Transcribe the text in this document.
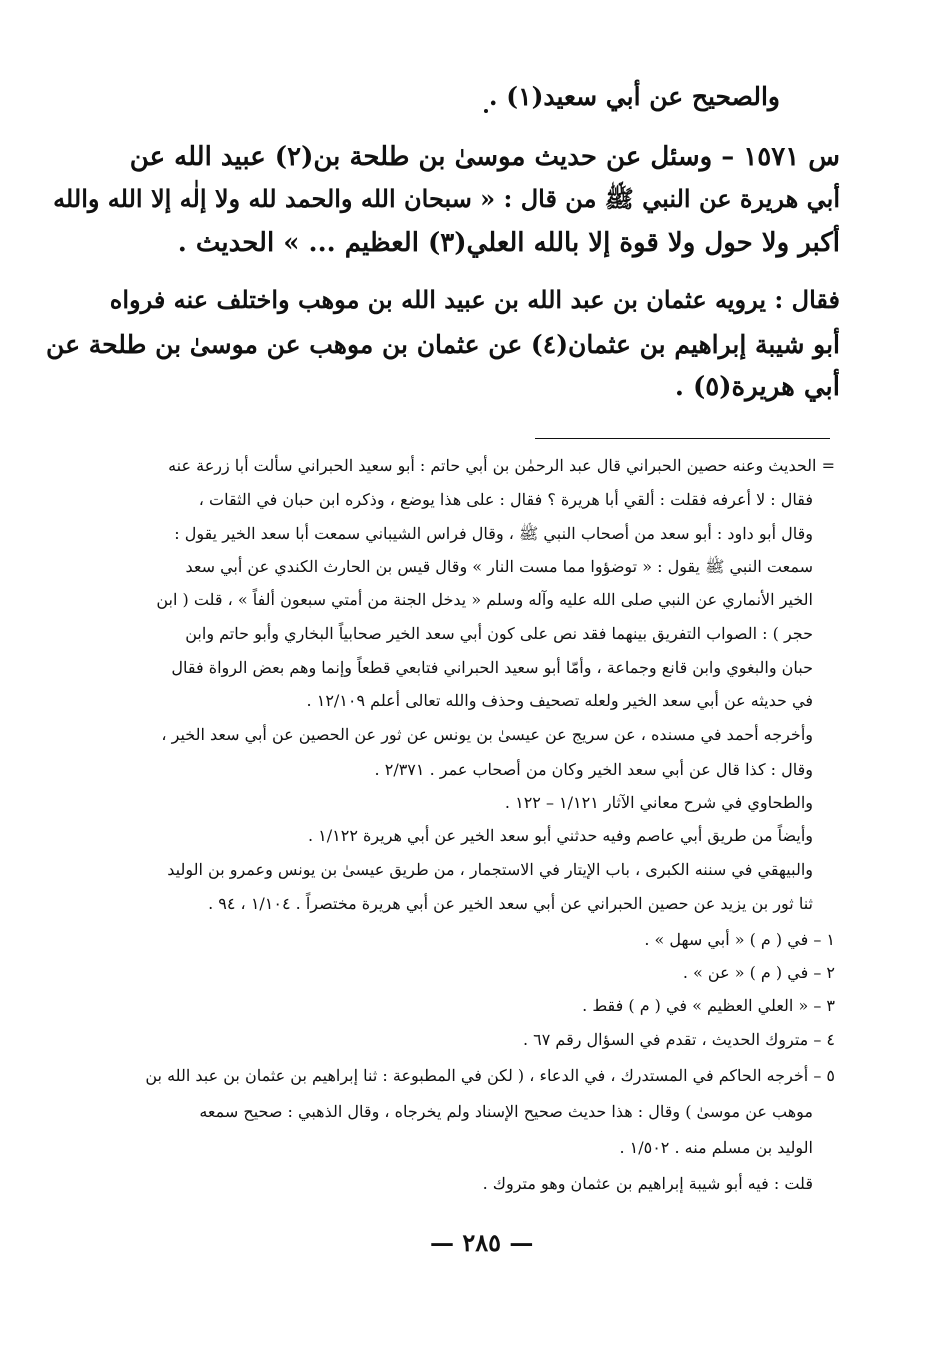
والصحيح عن أبي سعيد(١) .
س ١٥٧١ – وسئل عن حديث موسىٰ بن طلحة بن(٢) عبيد الله عن
أبي هريرة عن النبي ﷺ من قال : « سبحان الله والحمد لله ولا إلٰه إلا الله والله
أكبر ولا حول ولا قوة إلا بالله العلي(٣) العظيم ... » الحديث .
فقال : يرويه عثمان بن عبد الله بن عبيد الله بن موهب واختلف عنه فرواه
أبو شيبة إبراهيم بن عثمان(٤) عن عثمان بن موهب عن موسىٰ بن طلحة عن
أبي هريرة(٥) .
= الحديث وعنه حصين الحبراني قال عبد الرحمٰن بن أبي حاتم : أبو سعيد الحبراني سألت أبا زرعة عنه
فقال : لا أعرفه فقلت : ألقي أبا هريرة ؟ فقال : على هذا يوضع ، وذكره ابن حبان في الثقات ،
وقال أبو داود : أبو سعد من أصحاب النبي ﷺ ، وقال فراس الشيباني سمعت أبا سعد الخير يقول :
سمعت النبي ﷺ يقول : « توضؤوا مما مست النار » وقال قيس بن الحارث الكندي عن أبي سعد
الخير الأنماري عن النبي صلى الله عليه وآله وسلم « يدخل الجنة من أمتي سبعون ألفاً » ، قلت ( ابن
حجر ) : الصواب التفريق بينهما فقد نص على كون أبي سعد الخير صحابياً البخاري وأبو حاتم وابن
حبان والبغوي وابن قانع وجماعة ، وأمّا أبو سعيد الحبراني فتابعي قطعاً وإنما وهم بعض الرواة فقال
في حديثه عن أبي سعد الخير ولعله تصحيف وحذف والله تعالى أعلم ١٢/١٠٩ .
وأخرجه أحمد في مسنده ، عن سريج عن عيسىٰ بن يونس عن ثور عن الحصين عن أبي سعد الخير ،
وقال : كذا قال عن أبي سعد الخير وكان من أصحاب عمر . ٢/٣٧١ .
والطحاوي في شرح معاني الآثار ١/١٢١ – ١٢٢ .
وأيضاً من طريق أبي عاصم وفيه حدثني أبو سعد الخير عن أبي هريرة ١/١٢٢ .
والبيهقي في سننه الكبرى ، باب الإيتار في الاستجمار ، من طريق عيسىٰ بن يونس وعمرو بن الوليد
ثنا ثور بن يزيد عن حصين الحبراني عن أبي سعد الخير عن أبي هريرة مختصراً . ١/١٠٤ ، ٩٤ .
١ – في ( م ) « أبي سهل » .
٢ – في ( م ) « عن » .
٣ – « العلي العظيم » في ( م ) فقط .
٤ – متروك الحديث ، تقدم في السؤال رقم ٦٧ .
٥ – أخرجه الحاكم في المستدرك ، في الدعاء ، ( لكن في المطبوعة : ثنا إبراهيم بن عثمان بن عبد الله بن
موهب عن موسىٰ ) وقال : هذا حديث صحيح الإسناد ولم يخرجاه ، وقال الذهبي : صحيح سمعه
الوليد بن مسلم منه . ١/٥٠٢ .
قلت : فيه أبو شيبة إبراهيم بن عثمان وهو متروك .
— ٢٨٥ —
